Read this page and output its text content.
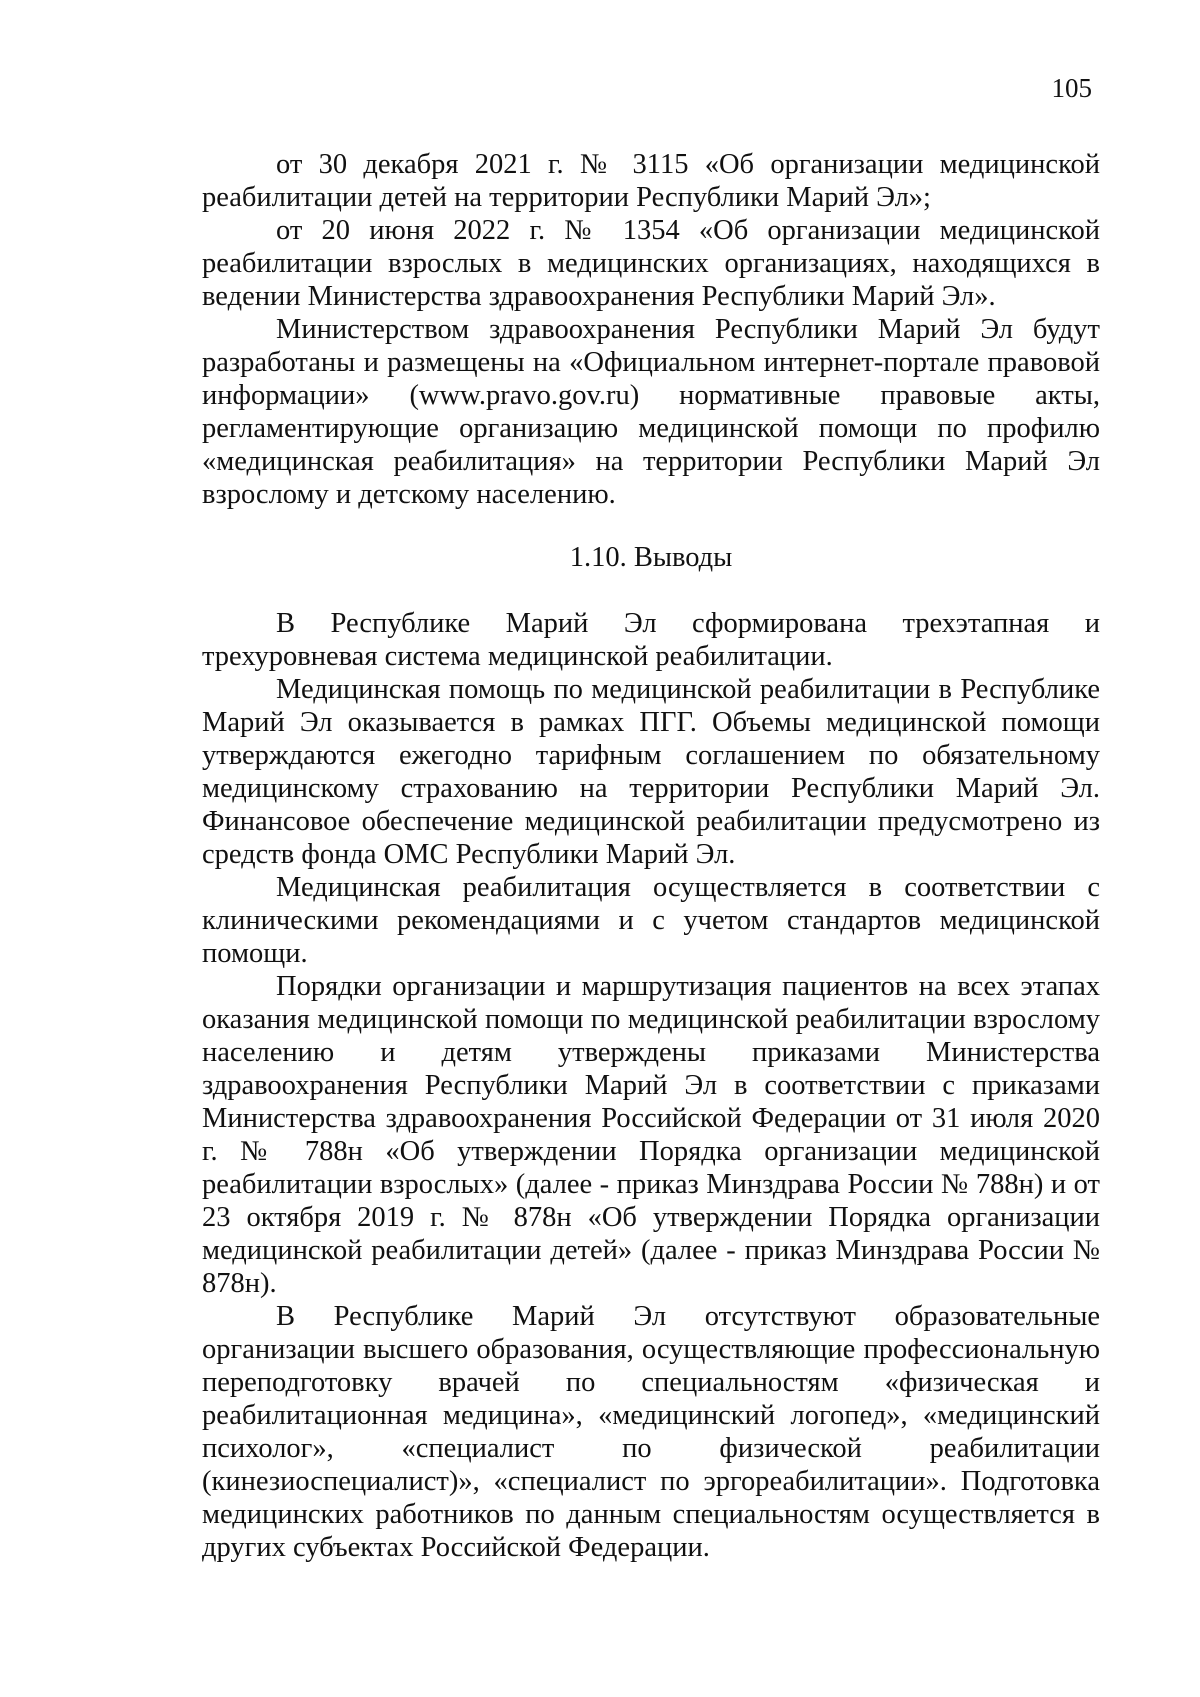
105

от 30 декабря 2021 г. № 3115 «Об организации медицинской реабилитации детей на территории Республики Марий Эл»;

от 20 июня 2022 г. № 1354 «Об организации медицинской реабилитации взрослых в медицинских организациях, находящихся в ведении Министерства здравоохранения Республики Марий Эл».

Министерством здравоохранения Республики Марий Эл будут разработаны и размещены на «Официальном интернет-портале правовой информации» (www.pravo.gov.ru) нормативные правовые акты, регламентирующие организацию медицинской помощи по профилю «медицинская реабилитация» на территории Республики Марий Эл взрослому и детскому населению.

1.10. Выводы

В Республике Марий Эл сформирована трехэтапная и трехуровневая система медицинской реабилитации.

Медицинская помощь по медицинской реабилитации в Республике Марий Эл оказывается в рамках ПГГ. Объемы медицинской помощи утверждаются ежегодно тарифным соглашением по обязательному медицинскому страхованию на территории Республики Марий Эл. Финансовое обеспечение медицинской реабилитации предусмотрено из средств фонда ОМС Республики Марий Эл.

Медицинская реабилитация осуществляется в соответствии с клиническими рекомендациями и с учетом стандартов медицинской помощи.

Порядки организации и маршрутизация пациентов на всех этапах оказания медицинской помощи по медицинской реабилитации взрослому населению и детям утверждены приказами Министерства здравоохранения Республики Марий Эл в соответствии с приказами Министерства здравоохранения Российской Федерации от 31 июля 2020 г. № 788н «Об утверждении Порядка организации медицинской реабилитации взрослых» (далее - приказ Минздрава России № 788н) и от 23 октября 2019 г. № 878н «Об утверждении Порядка организации медицинской реабилитации детей» (далее - приказ Минздрава России № 878н).

В Республике Марий Эл отсутствуют образовательные организации высшего образования, осуществляющие профессиональную переподготовку врачей по специальностям «физическая и реабилитационная медицина», «медицинский логопед», «медицинский психолог», «специалист по физической реабилитации (кинезиоспециалист)», «специалист по эргореабилитации». Подготовка медицинских работников по данным специальностям осуществляется в других субъектах Российской Федерации.
